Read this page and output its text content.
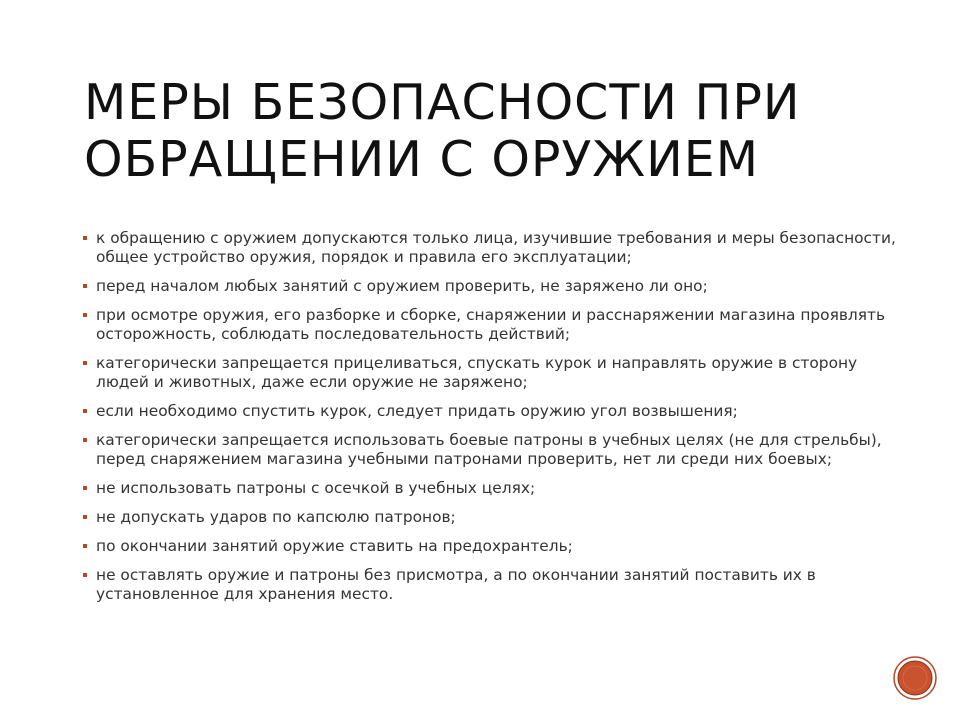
МЕРЫ БЕЗОПАСНОСТИ ПРИ
ОБРАЩЕНИИ С ОРУЖИЕМ
к обращению с оружием допускаются только лица, изучившие требования и меры безопасности, общее устройство оружия, порядок и правила его эксплуатации;
перед началом любых занятий с оружием проверить, не заряжено ли оно;
при осмотре оружия, его разборке и сборке, снаряжении и расснаряжении магазина проявлять осторожность, соблюдать последовательность действий;
категорически запрещается прицеливаться, спускать курок и направлять оружие в сторону людей и животных, даже если оружие не заряжено;
если необходимо спустить курок, следует придать оружию угол возвышения;
категорически запрещается использовать боевые патроны в учебных целях (не для стрельбы), перед снаряжением магазина учебными патронами проверить, нет ли среди них боевых;
не использовать патроны с осечкой в учебных целях;
не допускать ударов по капсюлю патронов;
по окончании занятий оружие ставить на предохрантель;
не оставлять оружие и патроны без присмотра, а по окончании занятий поставить их в установленное для хранения место.
